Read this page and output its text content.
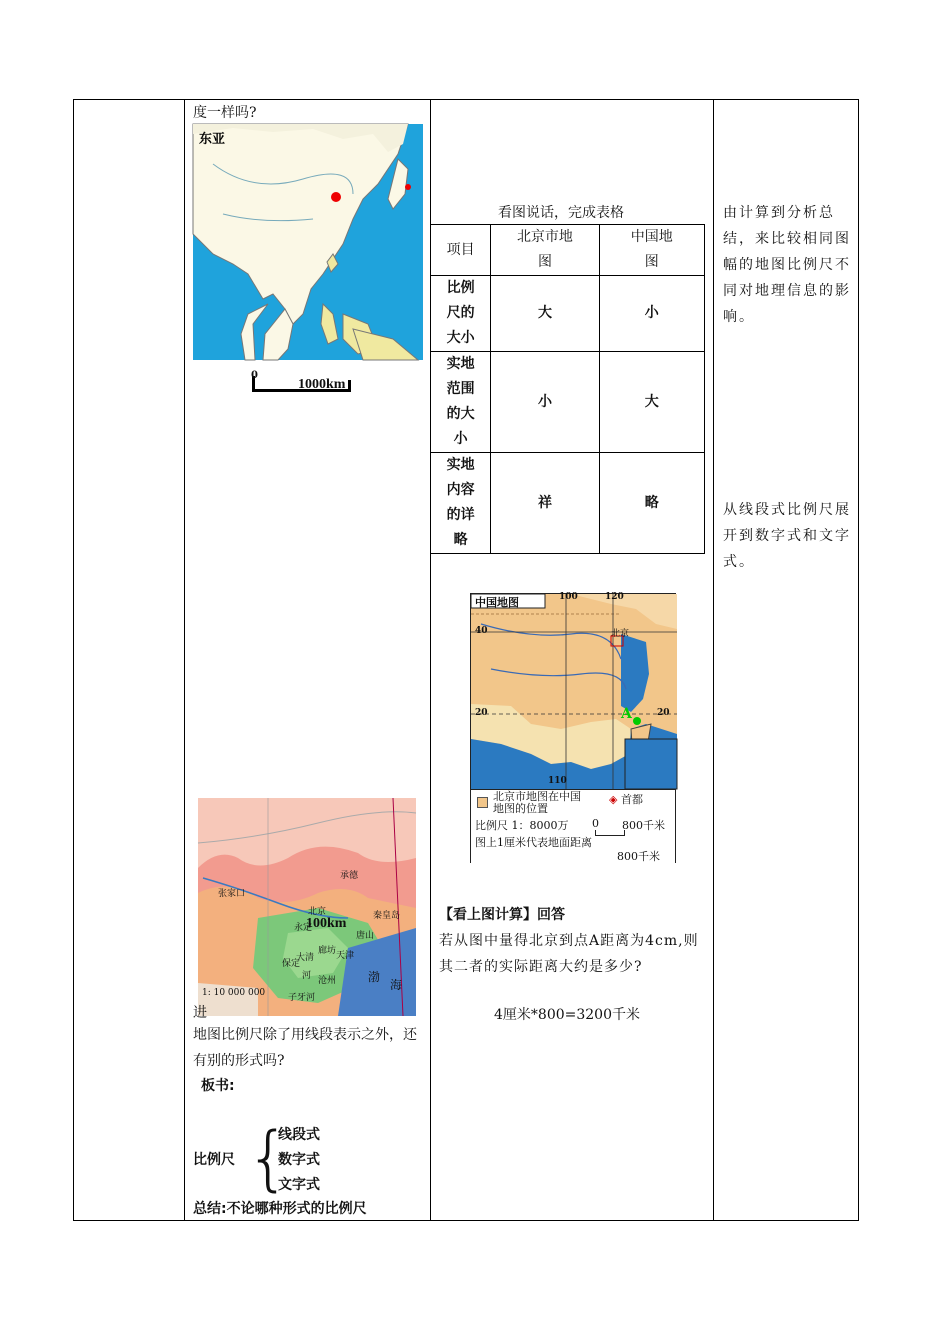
度一样吗?
东亚
0
1000km
张家口
北京
承德
秦皇岛
唐山
天津
保定
廊坊
沧州	渤
海
子牙河
河
大清
永定
100km
1: 10 000 000
进
地图比例尺除了用线段表示之外，还有别的形式吗?
板书:
比例尺 {
线段式
数字式
文字式
总结:不论哪种形式的比例尺
看图说话，完成表格
项目	北京市地图	中国地图
比例尺的大小	大	小
实地范围的大小	小	大
实地内容的详略	祥	略
中国地图	100	120
40
20	20
110
北京
A
北京市地图在中国地图的位置
◈ 首都
比例尺 1：8000万 0 800千米
图上1厘米代表地面距离
800千米
【看上图计算】回答
若从图中量得北京到点A距离为4cm,则其二者的实际距离大约是多少?
4厘米*800=3200千米
由计算到分析总结，来比较相同图幅的地图比例尺不同对地理信息的影响。
从线段式比例尺展开到数字式和文字式。
